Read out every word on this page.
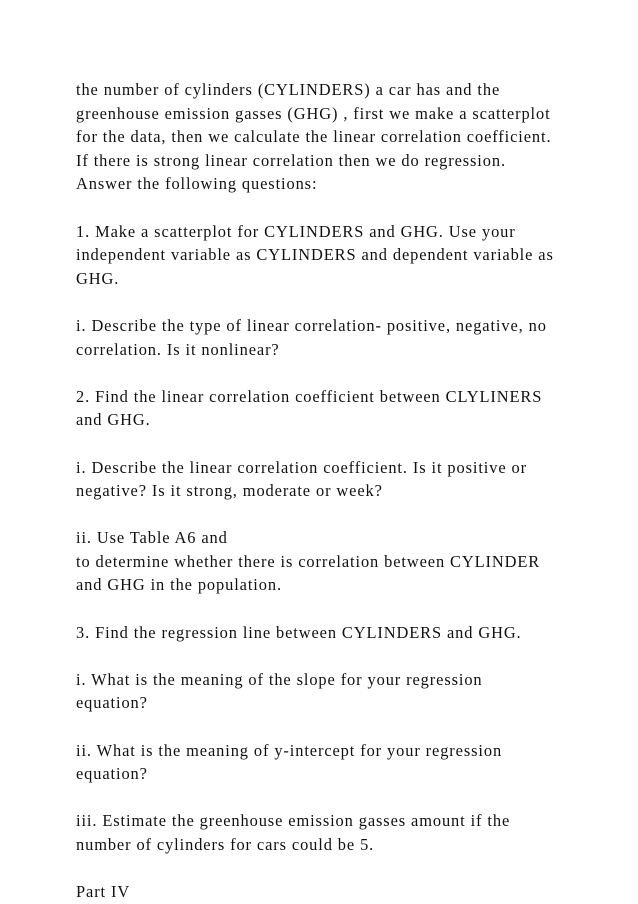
the number of cylinders (CYLINDERS) a car has and the
greenhouse emission gasses (GHG) , first we make a scatterplot
for the data, then we calculate the linear correlation coefficient.
If there is strong linear correlation then we do regression.
Answer the following questions:

1. Make a scatterplot for CYLINDERS and GHG. Use your
independent variable as CYLINDERS and dependent variable as
GHG.

i. Describe the type of linear correlation- positive, negative, no
correlation. Is it nonlinear?

2. Find the linear correlation coefficient between CLYLINERS
and GHG.

i. Describe the linear correlation coefficient. Is it positive or
negative? Is it strong, moderate or week?

ii. Use Table A6 and
to determine whether there is correlation between CYLINDER
and GHG in the population.

3. Find the regression line between CYLINDERS and GHG.

i. What is the meaning of the slope for your regression
equation?

ii. What is the meaning of y-intercept for your regression
equation?

iii. Estimate the greenhouse emission gasses amount if the
number of cylinders for cars could be 5.

Part IV
